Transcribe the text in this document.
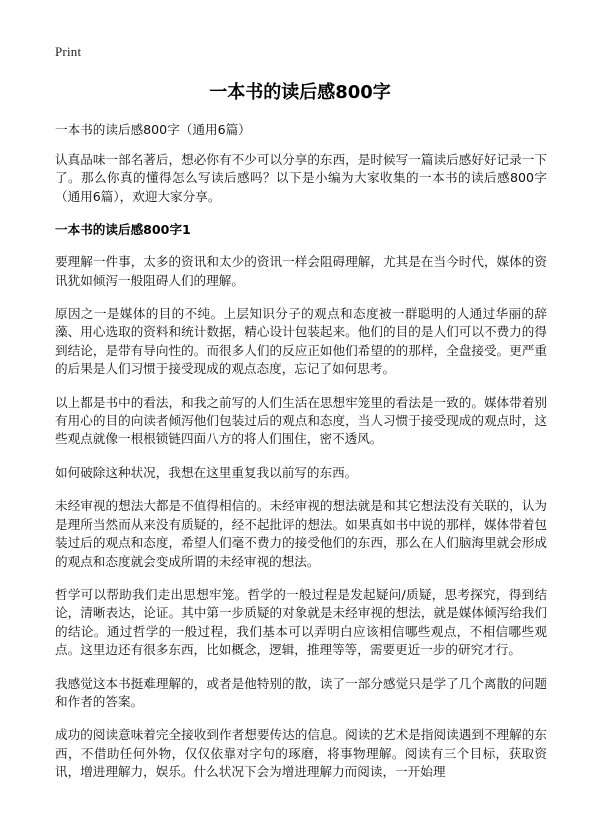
Print
一本书的读后感800字
一本书的读后感800字（通用6篇）

认真品味一部名著后，想必你有不少可以分享的东西，是时候写一篇读后感好好记录一下了。那么你真的懂得怎么写读后感吗？以下是小编为大家收集的一本书的读后感800字（通用6篇），欢迎大家分享。

一本书的读后感800字1

要理解一件事，太多的资讯和太少的资讯一样会阻碍理解，尤其是在当今时代，媒体的资讯犹如倾泻一般阻碍人们的理解。

原因之一是媒体的目的不纯。上层知识分子的观点和态度被一群聪明的人通过华丽的辞藻、用心选取的资料和统计数据，精心设计包装起来。他们的目的是人们可以不费力的得到结论，是带有导向性的。而很多人们的反应正如他们希望的的那样，全盘接受。更严重的后果是人们习惯于接受现成的观点态度，忘记了如何思考。

以上都是书中的看法，和我之前写的人们生活在思想牢笼里的看法是一致的。媒体带着别有用心的目的向读者倾泻他们包装过后的观点和态度，当人习惯于接受现成的观点时，这些观点就像一根根锁链四面八方的将人们围住，密不透风。

如何破除这种状况，我想在这里重复我以前写的东西。

未经审视的想法大都是不值得相信的。未经审视的想法就是和其它想法没有关联的，认为是理所当然而从来没有质疑的，经不起批评的想法。如果真如书中说的那样，媒体带着包装过后的观点和态度，希望人们毫不费力的接受他们的东西，那么在人们脑海里就会形成的观点和态度就会变成所谓的未经审视的想法。

哲学可以帮助我们走出思想牢笼。哲学的一般过程是发起疑问/质疑，思考探究，得到结论，清晰表达，论证。其中第一步质疑的对象就是未经审视的想法，就是媒体倾泻给我们的结论。通过哲学的一般过程，我们基本可以弄明白应该相信哪些观点，不相信哪些观点。这里边还有很多东西，比如概念，逻辑，推理等等，需要更近一步的研究才行。

我感觉这本书挺难理解的，或者是他特别的散，读了一部分感觉只是学了几个离散的问题和作者的答案。

成功的阅读意味着完全接收到作者想要传达的信息。阅读的艺术是指阅读遇到不理解的东西，不借助任何外物，仅仅依靠对字句的琢磨，将事物理解。阅读有三个目标，获取资讯，增进理解力，娱乐。什么状况下会为增进理解力而阅读，一开始理
